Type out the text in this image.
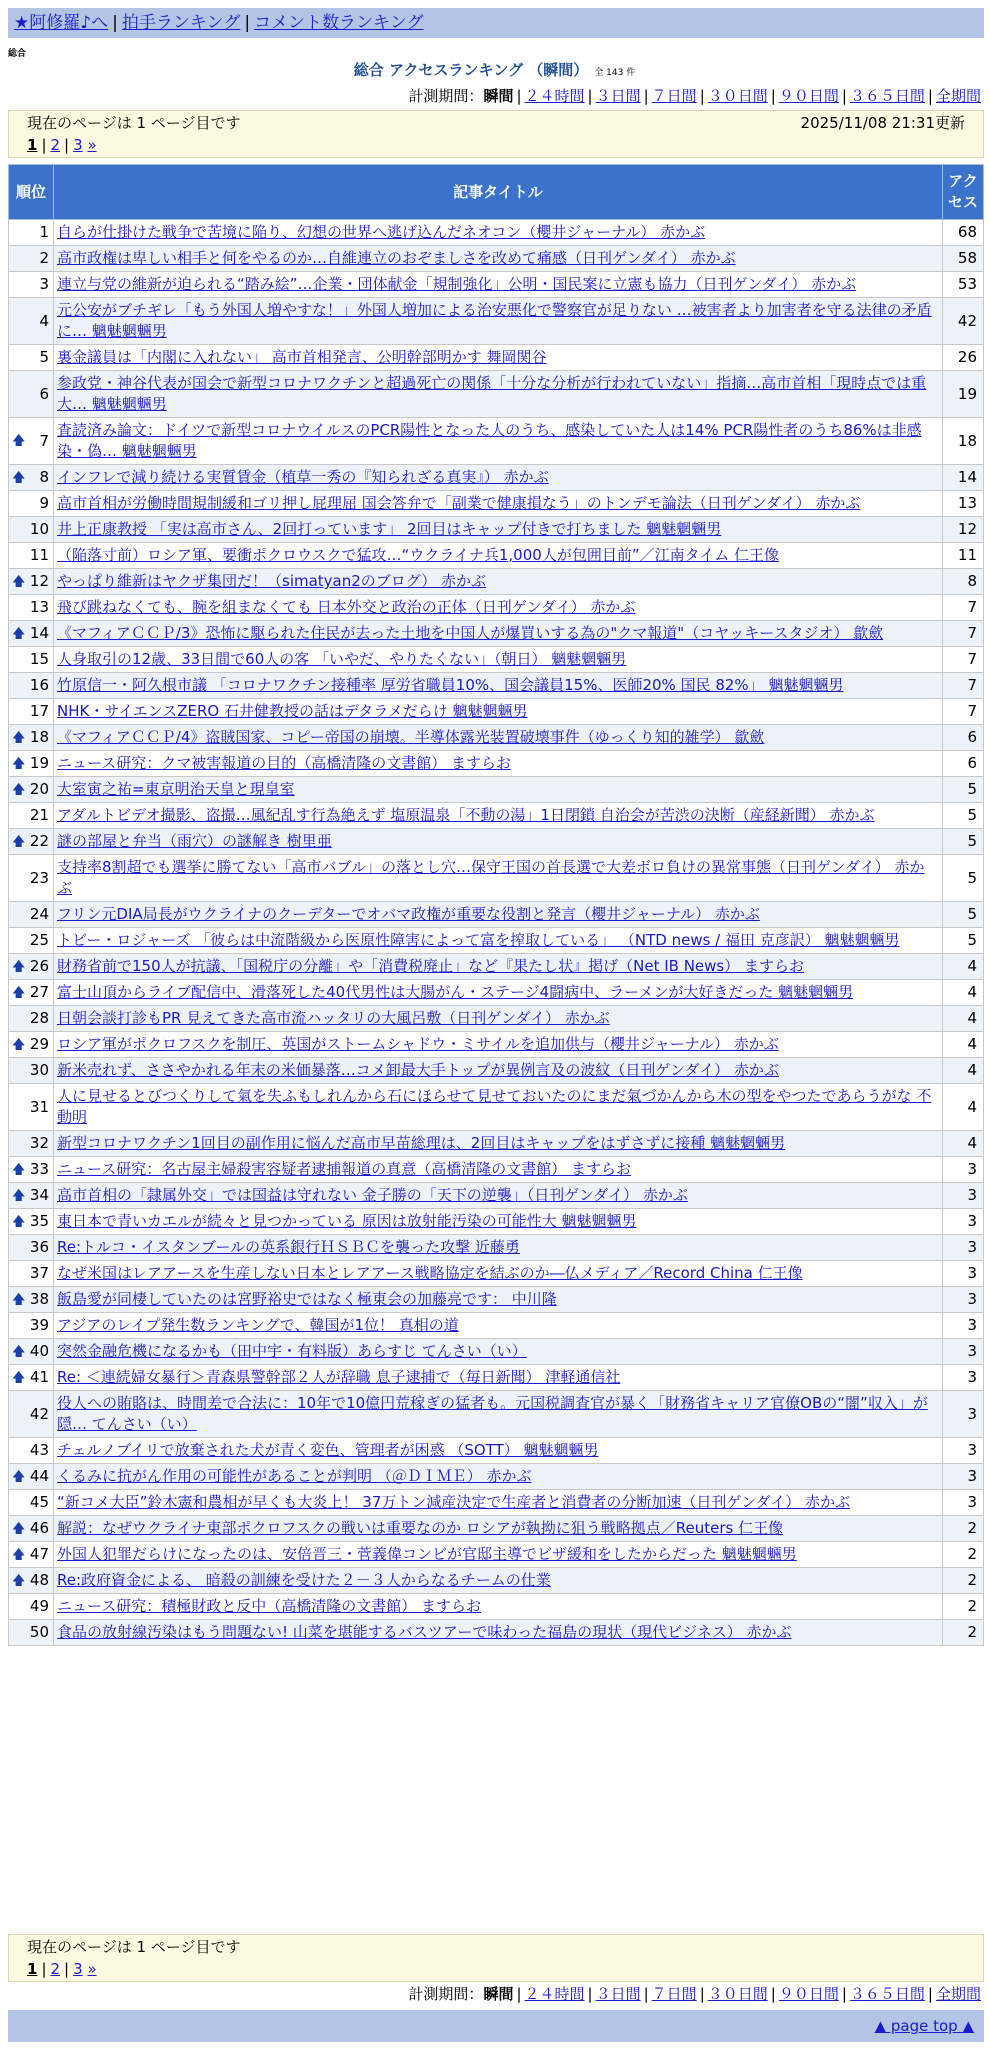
★阿修羅♪へ | 拍手ランキング | コメント数ランキング
総合
総合 アクセスランキング （瞬間） 全 143 件
計測期間：瞬間 | ２４時間 | ３日間 | ７日間 | ３０日間 | ９０日間 | ３６５日間 | 全期間
現在のページは 1 ページ目です	2025/11/08 21:31更新
1 | 2 | 3 »
順位	記事タイトル	アクセス
1	自らが仕掛けた戦争で苦境に陥り、幻想の世界へ逃げ込んだネオコン（櫻井ジャーナル） 赤かぶ	68
2	高市政権は卑しい相手と何をやるのか…自維連立のおぞましさを改めて痛感（日刊ゲンダイ） 赤かぶ	58
3	連立与党の維新が迫られる“踏み絵”…企業・団体献金「規制強化」公明・国民案に立憲も協力（日刊ゲンダイ） 赤かぶ	53
4	元公安がブチギレ「もう外国人増やすな！」外国人増加による治安悪化で警察官が足りない …被害者より加害者を守る法律の矛盾に… 魑魅魍魎男	42
5	裏金議員は「内閣に入れない」 高市首相発言、公明幹部明かす 舞岡関谷	26
6	参政党・神谷代表が国会で新型コロナワクチンと超過死亡の関係「十分な分析が行われていない」指摘…高市首相「現時点では重大… 魑魅魍魎男	19

🡅 7	査読済み論文：ドイツで新型コロナウイルスのPCR陽性となった人のうち、感染していた人は14% PCR陽性者のうち86%は非感染・偽… 魑魅魍魎男	18

🡅 8	インフレで減り続ける実質賃金（植草一秀の『知られざる真実』） 赤かぶ	14
9	高市首相が労働時間規制緩和ゴリ押し屁理屈 国会答弁で「副業で健康損なう」のトンデモ論法（日刊ゲンダイ） 赤かぶ	13
10	井上正康教授 「実は高市さん、2回打っています」 2回目はキャップ付きで打ちました 魑魅魍魎男	12
11	（陥落寸前）ロシア軍、要衝ポクロウスクで猛攻…“ウクライナ兵1,000人が包囲目前”／江南タイム 仁王像	11

🡅 12	やっぱり維新はヤクザ集団だ！（simatyan2のブログ） 赤かぶ	8
13	飛び跳ねなくても、腕を組まなくても 日本外交と政治の正体（日刊ゲンダイ） 赤かぶ	7

🡅 14	《マフィアＣＣＰ/3》恐怖に駆られた住民が去った土地を中国人が爆買いする為の"クマ報道"（コヤッキースタジオ） 歙歛	7
15	人身取引の12歳、33日間で60人の客 「いやだ、やりたくない」（朝日） 魑魅魍魎男	7
16	竹原信一・阿久根市議 「コロナワクチン接種率 厚労省職員10%、国会議員15%、医師20% 国民 82%」 魑魅魍魎男	7
17	NHK・サイエンスZERO 石井健教授の話はデタラメだらけ 魑魅魍魎男	7

🡅 18	《マフィアＣＣＰ/4》盗賊国家、コピー帝国の崩壊。半導体露光装置破壊事件（ゆっくり知的雑学） 歙歛	6

🡅 19	ニュース研究：クマ被害報道の目的（高橋清隆の文書館） ますらお	6

🡅 20	大室寅之祐=東京明治天皇と現皇室	5
21	アダルトビデオ撮影、盗撮…風紀乱す行為絶えず 塩原温泉「不動の湯」1日閉鎖 自治会が苦渋の決断（産経新聞） 赤かぶ	5

🡅 22	謎の部屋と弁当（雨穴）の謎解き 樹里亜	5
23	支持率8割超でも選挙に勝てない「高市バブル」の落とし穴…保守王国の首長選で大差ボロ負けの異常事態（日刊ゲンダイ） 赤かぶ	5
24	フリン元DIA局長がウクライナのクーデターでオバマ政権が重要な役割と発言（櫻井ジャーナル） 赤かぶ	5
25	トビー・ロジャーズ 「彼らは中流階級から医原性障害によって富を搾取している」 （NTD news / 福田 克彦訳） 魑魅魍魎男	5

🡅 26	財務省前で150人が抗議、「国税庁の分離」や「消費税廃止」など『果たし状』掲げ（Net IB News） ますらお	4

🡅 27	富士山頂からライブ配信中、滑落死した40代男性は大腸がん・ステージ4闘病中、ラーメンが大好きだった 魑魅魍魎男	4
28	日朝会談打診もPR 見えてきた高市流ハッタリの大風呂敷（日刊ゲンダイ） 赤かぶ	4

🡅 29	ロシア軍がポクロフスクを制圧、英国がストームシャドウ・ミサイルを追加供与（櫻井ジャーナル） 赤かぶ	4
30	新米売れず、ささやかれる年末の米価暴落…コメ卸最大手トップが異例言及の波紋（日刊ゲンダイ） 赤かぶ	4
31	人に見せるとびつくりして氣を失ふもしれんから石にほらせて見せておいたのにまだ氣づかんから木の型をやつたであらうがな 不動明	4
32	新型コロナワクチン1回目の副作用に悩んだ高市早苗総理は、2回目はキャップをはずさずに接種 魑魅魍魎男	4

🡅 33	ニュース研究：名古屋主婦殺害容疑者逮捕報道の真意（高橋清隆の文書館） ますらお	3

🡅 34	高市首相の「隷属外交」では国益は守れない 金子勝の「天下の逆襲」（日刊ゲンダイ） 赤かぶ	3

🡅 35	東日本で青いカエルが続々と見つかっている 原因は放射能汚染の可能性大 魑魅魍魎男	3
36	Re:トルコ・イスタンブールの英系銀行ＨＳＢＣを襲った攻撃 近藤勇	3
37	なぜ米国はレアアースを生産しない日本とレアアース戦略協定を結ぶのか―仏メディア／Record China 仁王像	3

🡅 38	飯島愛が同棲していたのは宮野裕史ではなく極東会の加藤亮です： 中川隆	3
39	アジアのレイプ発生数ランキングで、韓国が1位！ 真相の道	3

🡅 40	突然金融危機になるかも（田中宇・有料版）あらすじ てんさい（い）	3

🡅 41	Re: ＜連続婦女暴行＞青森県警幹部２人が辞職 息子逮捕で（毎日新聞） 津軽通信社	3
42	役人への賄賂は、時間差で合法に：10年で10億円荒稼ぎの猛者も。元国税調査官が暴く「財務省キャリア官僚OBの“闇”収入」が隠… てんさい（い）	3
43	チェルノブイリで放棄された犬が青く変色、管理者が困惑 （SOTT） 魑魅魍魎男	3

🡅 44	くるみに抗がん作用の可能性があることが判明 （＠ＤＩＭＥ） 赤かぶ	3
45	“新コメ大臣”鈴木憲和農相が早くも大炎上！ 37万トン減産決定で生産者と消費者の分断加速（日刊ゲンダイ） 赤かぶ	3

🡅 46	解説：なぜウクライナ東部ポクロフスクの戦いは重要なのか ロシアが執拗に狙う戦略拠点／Reuters 仁王像	2

🡅 47	外国人犯罪だらけになったのは、安倍晋三・菅義偉コンビが官邸主導でビザ緩和をしたからだった 魑魅魍魎男	2

🡅 48	Re:政府資金による、 暗殺の訓練を受けた２－３人からなるチームの仕業	2
49	ニュース研究：積極財政と反中（高橋清隆の文書館） ますらお	2
50	食品の放射線汚染はもう問題ない! 山菜を堪能するバスツアーで味わった福島の現状（現代ビジネス） 赤かぶ	2
現在のページは 1 ページ目です
1 | 2 | 3 »
計測期間：瞬間 | ２４時間 | ３日間 | ７日間 | ３０日間 | ９０日間 | ３６５日間 | 全期間
▲ page top ▲
